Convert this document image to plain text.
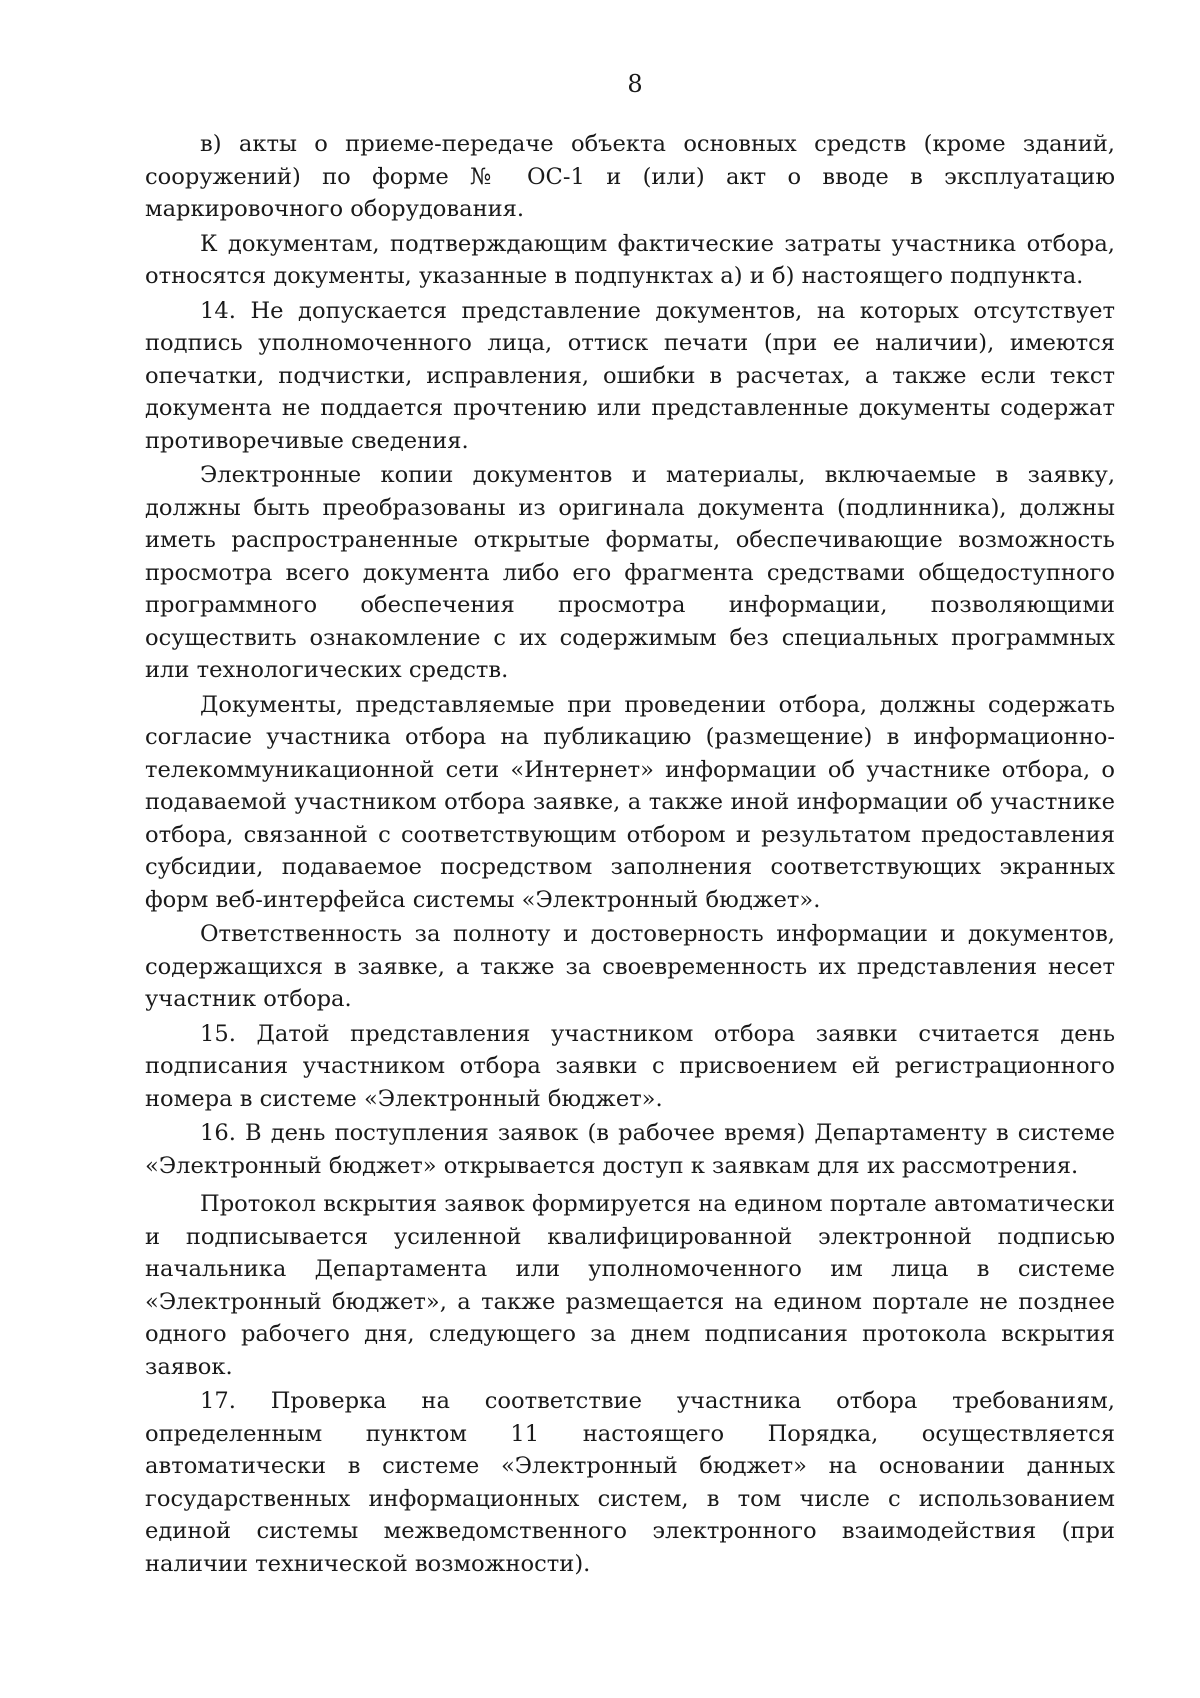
8

в) акты о приеме-передаче объекта основных средств (кроме зданий, сооружений) по форме № ОС-1 и (или) акт о вводе в эксплуатацию маркировочного оборудования.

К документам, подтверждающим фактические затраты участника отбора, относятся документы, указанные в подпунктах а) и б) настоящего подпункта.

14. Не допускается представление документов, на которых отсутствует подпись уполномоченного лица, оттиск печати (при ее наличии), имеются опечатки, подчистки, исправления, ошибки в расчетах, а также если текст документа не поддается прочтению или представленные документы содержат противоречивые сведения.

Электронные копии документов и материалы, включаемые в заявку, должны быть преобразованы из оригинала документа (подлинника), должны иметь распространенные открытые форматы, обеспечивающие возможность просмотра всего документа либо его фрагмента средствами общедоступного программного обеспечения просмотра информации, позволяющими осуществить ознакомление с их содержимым без специальных программных или технологических средств.

Документы, представляемые при проведении отбора, должны содержать согласие участника отбора на публикацию (размещение) в информационно-телекоммуникационной сети «Интернет» информации об участнике отбора, о подаваемой участником отбора заявке, а также иной информации об участнике отбора, связанной с соответствующим отбором и результатом предоставления субсидии, подаваемое посредством заполнения соответствующих экранных форм веб-интерфейса системы «Электронный бюджет».

Ответственность за полноту и достоверность информации и документов, содержащихся в заявке, а также за своевременность их представления несет участник отбора.

15. Датой представления участником отбора заявки считается день подписания участником отбора заявки с присвоением ей регистрационного номера в системе «Электронный бюджет».

16. В день поступления заявок (в рабочее время) Департаменту в системе «Электронный бюджет» открывается доступ к заявкам для их рассмотрения.

Протокол вскрытия заявок формируется на едином портале автоматически и подписывается усиленной квалифицированной электронной подписью начальника Департамента или уполномоченного им лица в системе «Электронный бюджет», а также размещается на едином портале не позднее одного рабочего дня, следующего за днем подписания протокола вскрытия заявок.

17. Проверка на соответствие участника отбора требованиям, определенным пунктом 11 настоящего Порядка, осуществляется автоматически в системе «Электронный бюджет» на основании данных государственных информационных систем, в том числе с использованием единой системы межведомственного электронного взаимодействия (при наличии технической возможности).
